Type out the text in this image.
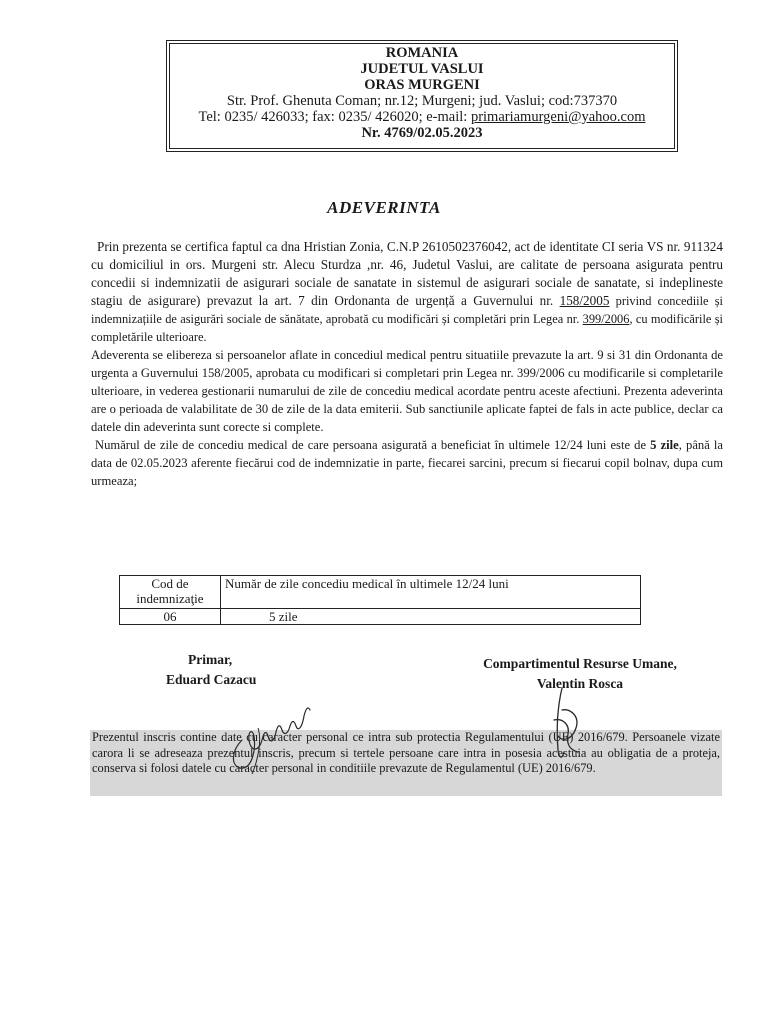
ROMANIA
JUDETUL VASLUI
ORAS MURGENI
Str. Prof. Ghenuta Coman; nr.12; Murgeni; jud. Vaslui; cod:737370
Tel: 0235/ 426033; fax: 0235/ 426020; e-mail: primariamurgeni@yahoo.com
Nr. 4769/02.05.2023
ADEVERINTA

Prin prezenta se certifica faptul ca dna Hristian Zonia, C.N.P 2610502376042, act de identitate CI seria VS nr. 911324 cu domiciliul in ors. Murgeni str. Alecu Sturdza ,nr. 46, Judetul Vaslui, are calitate de persoana asigurata pentru concedii si indemnizatii de asigurari sociale de sanatate in sistemul de asigurari sociale de sanatate, si indeplineste stagiu de asigurare) prevazut la art. 7 din Ordonanta de urgență a Guvernului nr. 158/2005 privind concediile și indemnizațiile de asigurări sociale de sănătate, aprobată cu modificări și completări prin Legea nr. 399/2006, cu modificările și completările ulterioare.

Adeverenta se elibereza si persoanelor aflate in concediul medical pentru situatiile prevazute la art. 9 si 31 din Ordonanta de urgenta a Guvernului 158/2005, aprobata cu modificari si completari prin Legea nr. 399/2006 cu modificarile si completarile ulterioare, in vederea gestionarii numarului de zile de concediu medical acordate pentru aceste afectiuni. Prezenta adeverinta are o perioada de valabilitate de 30 de zile de la data emiterii. Sub sanctiunile aplicate faptei de fals in acte publice, declar ca datele din adeverinta sunt corecte si complete.

Numărul de zile de concediu medical de care persoana asigurată a beneficiat în ultimele 12/24 luni este de 5 zile, până la data de 02.05.2023 aferente fiecărui cod de indemnizatie in parte, fiecarei sarcini, precum si fiecarui copil bolnav, dupa cum urmeaza;

Cod de indemnizaţie	Număr de zile concediu medical în ultimele 12/24 luni
06	5 zile
Primar,
Eduard Cazacu
Compartimentul Resurse Umane,
Valentin Rosca
Prezentul inscris contine date cu caracter personal ce intra sub protectia Regulamentului (UE) 2016/679. Persoanele vizate carora li se adreseaza prezentul inscris, precum si tertele persoane care intra in posesia acestuia au obligatia de a proteja, conserva si folosi datele cu caracter personal in conditiile prevazute de Regulamentul (UE) 2016/679.
